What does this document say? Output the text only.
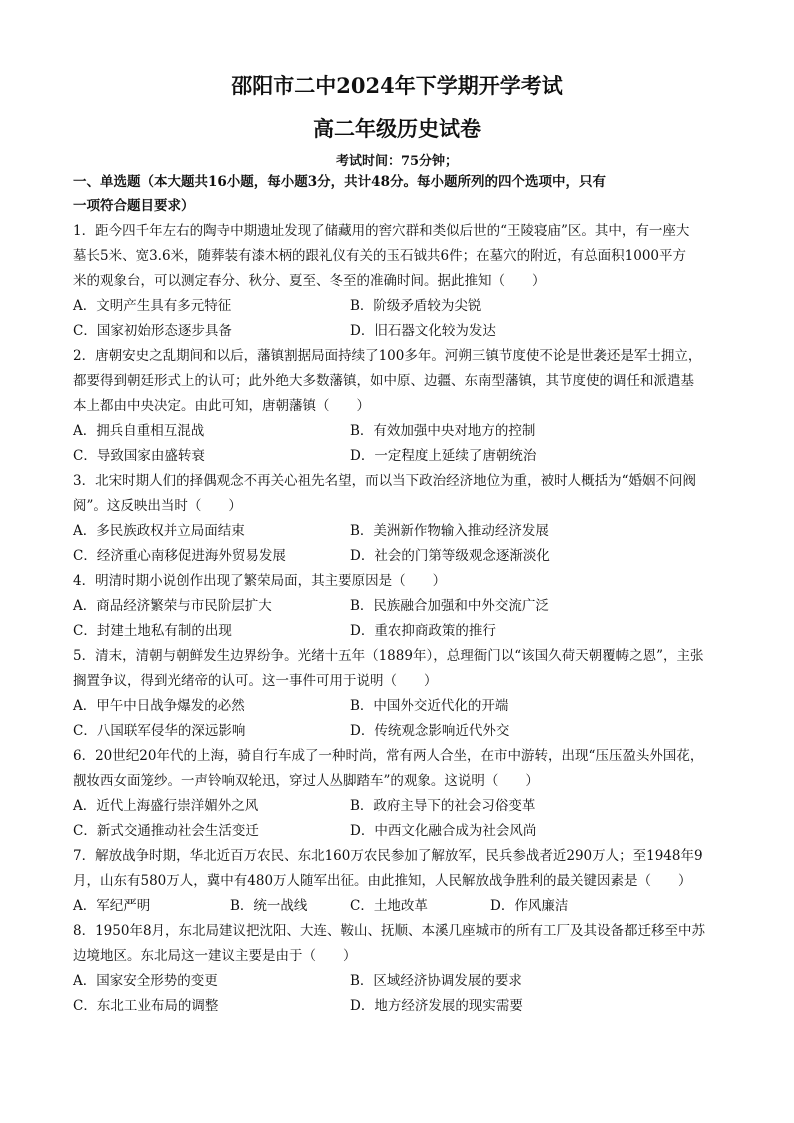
邵阳市二中2024年下学期开学考试
高二年级历史试卷
考试时间：75分钟；
一、单选题（本大题共16小题，每小题3分，共计48分。每小题所列的四个选项中，只有
一项符合题目要求）
1．距今四千年左右的陶寺中期遗址发现了储藏用的窖穴群和类似后世的“王陵寝庙”区。其中，有一座大
墓长5米、宽3.6米，随葬装有漆木柄的跟礼仪有关的玉石钺共6件；在墓穴的附近，有总面积1000平方
米的观象台，可以测定春分、秋分、夏至、冬至的准确时间。据此推知（　　）
A．文明产生具有多元特征	B．阶级矛盾较为尖锐
C．国家初始形态逐步具备	D．旧石器文化较为发达
2．唐朝安史之乱期间和以后，藩镇割据局面持续了100多年。河朔三镇节度使不论是世袭还是军士拥立，
都要得到朝廷形式上的认可；此外绝大多数藩镇，如中原、边疆、东南型藩镇，其节度使的调任和派遣基
本上都由中央决定。由此可知，唐朝藩镇（　　）
A．拥兵自重相互混战	B．有效加强中央对地方的控制
C．导致国家由盛转衰	D．一定程度上延续了唐朝统治
3．北宋时期人们的择偶观念不再关心祖先名望，而以当下政治经济地位为重，被时人概括为“婚姻不问阀
阅”。这反映出当时（　　）
A．多民族政权并立局面结束	B．美洲新作物输入推动经济发展
C．经济重心南移促进海外贸易发展	D．社会的门第等级观念逐渐淡化
4．明清时期小说创作出现了繁荣局面，其主要原因是（　　）
A．商品经济繁荣与市民阶层扩大	B．民族融合加强和中外交流广泛
C．封建土地私有制的出现	D．重农抑商政策的推行
5．清末，清朝与朝鲜发生边界纷争。光绪十五年（1889年），总理衙门以“该国久荷天朝覆帱之恩”，主张
搁置争议，得到光绪帝的认可。这一事件可用于说明（　　）
A．甲午中日战争爆发的必然	B．中国外交近代化的开端
C．八国联军侵华的深远影响	D．传统观念影响近代外交
6．20世纪20年代的上海，骑自行车成了一种时尚，常有两人合坐，在市中游转，出现“压压盈头外国花，
靓妆西女面笼纱。一声铃响双轮迅，穿过人丛脚踏车”的观象。这说明（　　）
A．近代上海盛行崇洋媚外之风	B．政府主导下的社会习俗变革
C．新式交通推动社会生活变迁	D．中西文化融合成为社会风尚
7．解放战争时期，华北近百万农民、东北160万农民参加了解放军，民兵参战者近290万人；至1948年9
月，山东有580万人，冀中有480万人随军出征。由此推知，人民解放战争胜利的最关键因素是（　　）
A．军纪严明	B．统一战线	C．土地改革	D．作风廉洁
8．1950年8月，东北局建议把沈阳、大连、鞍山、抚顺、本溪几座城市的所有工厂及其设备都迁移至中苏
边境地区。东北局这一建议主要是由于（　　）
A．国家安全形势的变更	B．区域经济协调发展的要求
C．东北工业布局的调整	D．地方经济发展的现实需要
